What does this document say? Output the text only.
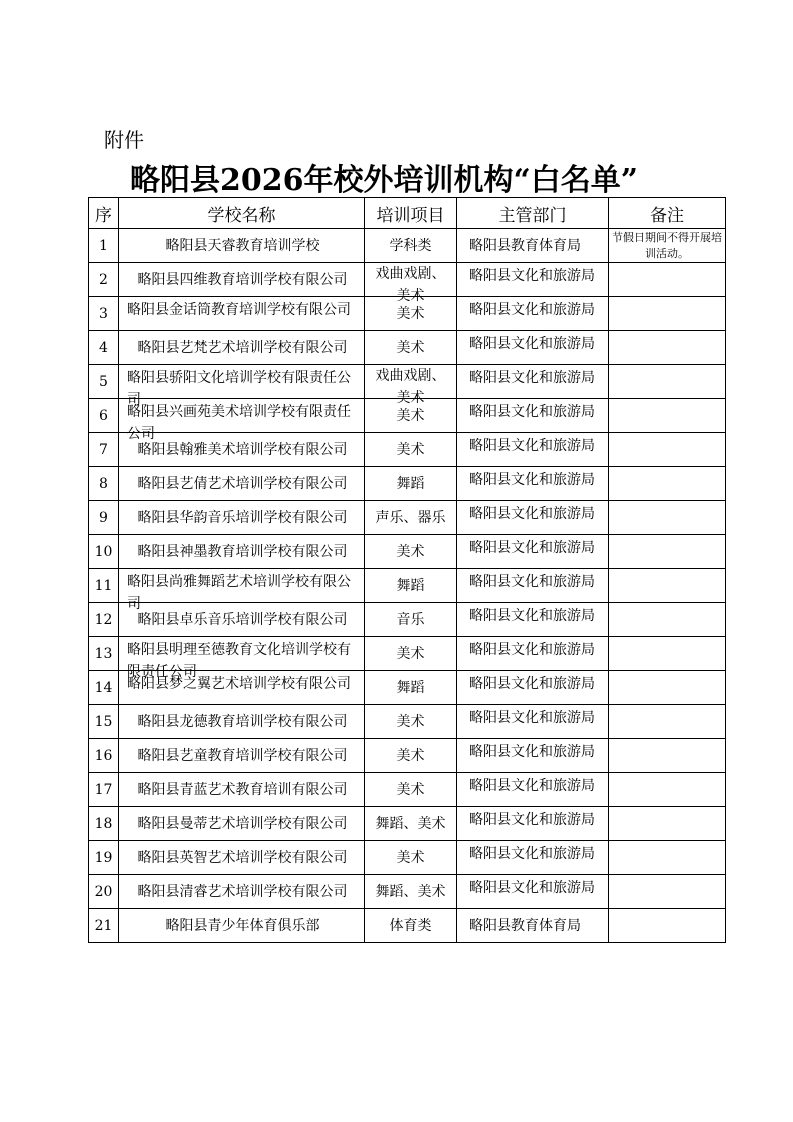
附件
略阳县2026年校外培训机构“白名单”
序	学校名称	培训项目	主管部门	备注
1	略阳县天睿教育培训学校	学科类	略阳县教育体育局	节假日期间不得开展培训活动。

2	略阳县四维教育培训学校有限公司	戏曲戏剧、美术	略阳县文化和旅游局	

3	略阳县金话筒教育培训学校有限公司	美术	略阳县文化和旅游局	

4	略阳县艺梵艺术培训学校有限公司	美术	略阳县文化和旅游局	

5	略阳县骄阳文化培训学校有限责任公司	戏曲戏剧、美术	略阳县文化和旅游局	

6	略阳县兴画苑美术培训学校有限责任公司	美术	略阳县文化和旅游局	

7	略阳县翰雅美术培训学校有限公司	美术	略阳县文化和旅游局	

8	略阳县艺倩艺术培训学校有限公司	舞蹈	略阳县文化和旅游局	

9	略阳县华韵音乐培训学校有限公司	声乐、器乐	略阳县文化和旅游局	

10	略阳县神墨教育培训学校有限公司	美术	略阳县文化和旅游局	

11	略阳县尚雅舞蹈艺术培训学校有限公司	舞蹈	略阳县文化和旅游局	

12	略阳县卓乐音乐培训学校有限公司	音乐	略阳县文化和旅游局	

13	略阳县明理至德教育文化培训学校有限责任公司	美术	略阳县文化和旅游局	

14	略阳县梦之翼艺术培训学校有限公司	舞蹈	略阳县文化和旅游局	

15	略阳县龙德教育培训学校有限公司	美术	略阳县文化和旅游局	

16	略阳县艺童教育培训学校有限公司	美术	略阳县文化和旅游局	

17	略阳县青蓝艺术教育培训有限公司	美术	略阳县文化和旅游局	

18	略阳县曼蒂艺术培训学校有限公司	舞蹈、美术	略阳县文化和旅游局	

19	略阳县英智艺术培训学校有限公司	美术	略阳县文化和旅游局	

20	略阳县清睿艺术培训学校有限公司	舞蹈、美术	略阳县文化和旅游局	

21	略阳县青少年体育俱乐部	体育类	略阳县教育体育局	
